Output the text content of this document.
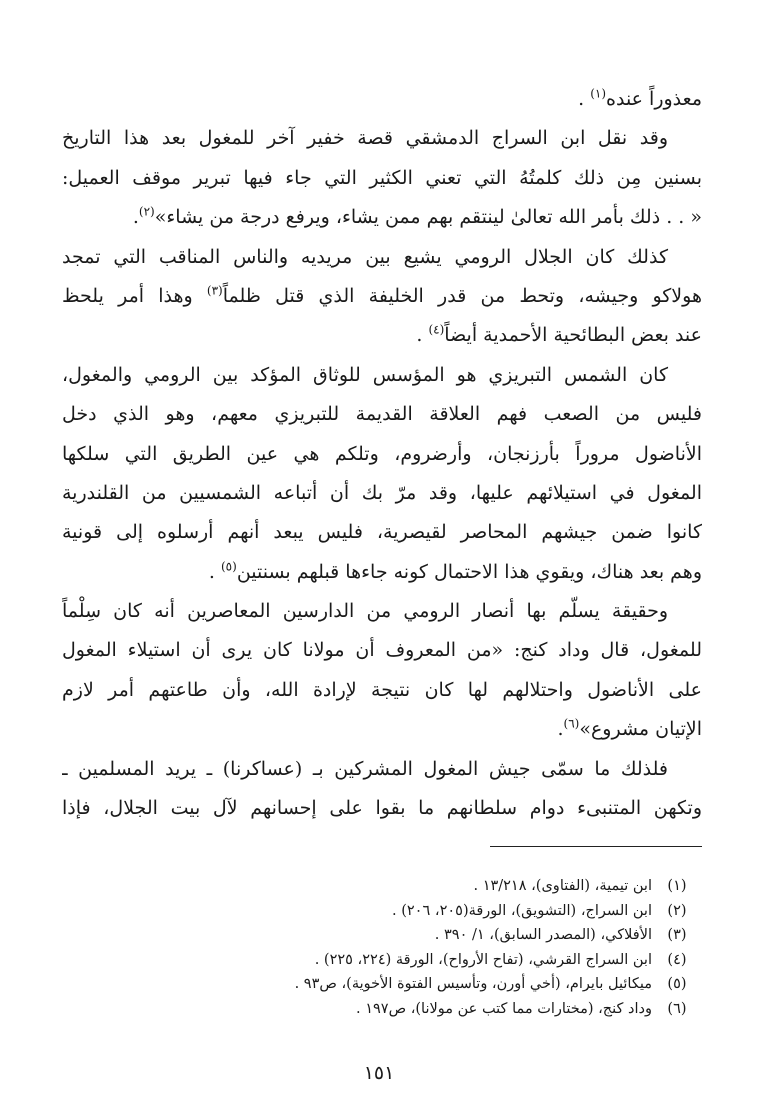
معذوراً عنده$^{(١)}$ .
وقد نقل ابن السراج الدمشقي قصة خفير آخر للمغول بعد هذا التاريخ
بسنين مِن ذلك كلمتُهُ التي تعني الكثير التي جاء فيها تبرير موقف العميل:
« . . ذلك بأمر الله تعالىٰ لينتقم بهم ممن يشاء، ويرفع درجة من يشاء»$^{(٢)}$.
كذلك كان الجلال الرومي يشيع بين مريديه والناس المناقب التي تمجد
هولاكو وجيشه، وتحط من قدر الخليفة الذي قتل ظلماً$^{(٣)}$ وهذا أمر يلحظ
عند بعض البطائحية الأحمدية أيضاً$^{(٤)}$ .
كان الشمس التبريزي هو المؤسس للوثاق المؤكد بين الرومي والمغول،
فليس من الصعب فهم العلاقة القديمة للتبريزي معهم، وهو الذي دخل
الأناضول مروراً بأرزنجان، وأرضروم، وتلكم هي عين الطريق التي سلكها
المغول في استيلائهم عليها، وقد مرّ بك أن أتباعه الشمسيين من القلندرية
كانوا ضمن جيشهم المحاصر لقيصرية، فليس يبعد أنهم أرسلوه إلى قونية
وهم بعد هناك، ويقوي هذا الاحتمال كونه جاءها قبلهم بسنتين$^{(٥)}$ .
وحقيقة يسلّم بها أنصار الرومي من الدارسين المعاصرين أنه كان سِلْماً
للمغول، قال وداد كنج: «من المعروف أن مولانا كان يرى أن استيلاء المغول
على الأناضول واحتلالهم لها كان نتيجة لإرادة الله، وأن طاعتهم أمر لازم
الإتيان مشروع»$^{(٦)}$.
فلذلك ما سمّى جيش المغول المشركين بـ (عساكرنا) ـ يريد المسلمين ـ
وتكهن المتنبىء دوام سلطانهم ما بقوا على إحسانهم لآل بيت الجلال، فإذا
(١)
ابن تيمية، (الفتاوى)، ١٣/٢١٨ .
(٢)
ابن السراج، (التشويق)، الورقة(٢٠٥، ٢٠٦) .
(٣)
الأفلاكي، (المصدر السابق)، ١/ ٣٩٠ .
(٤)
ابن السراج القرشي، (تفاح الأرواح)، الورقة (٢٢٤، ٢٢٥) .
(٥)
ميكائيل بايرام، (أخي أورن، وتأسيس الفتوة الأخوية)، ص٩٣ .
(٦)
وداد كنج، (مختارات مما كتب عن مولانا)، ص١٩٧ .
١٥١
